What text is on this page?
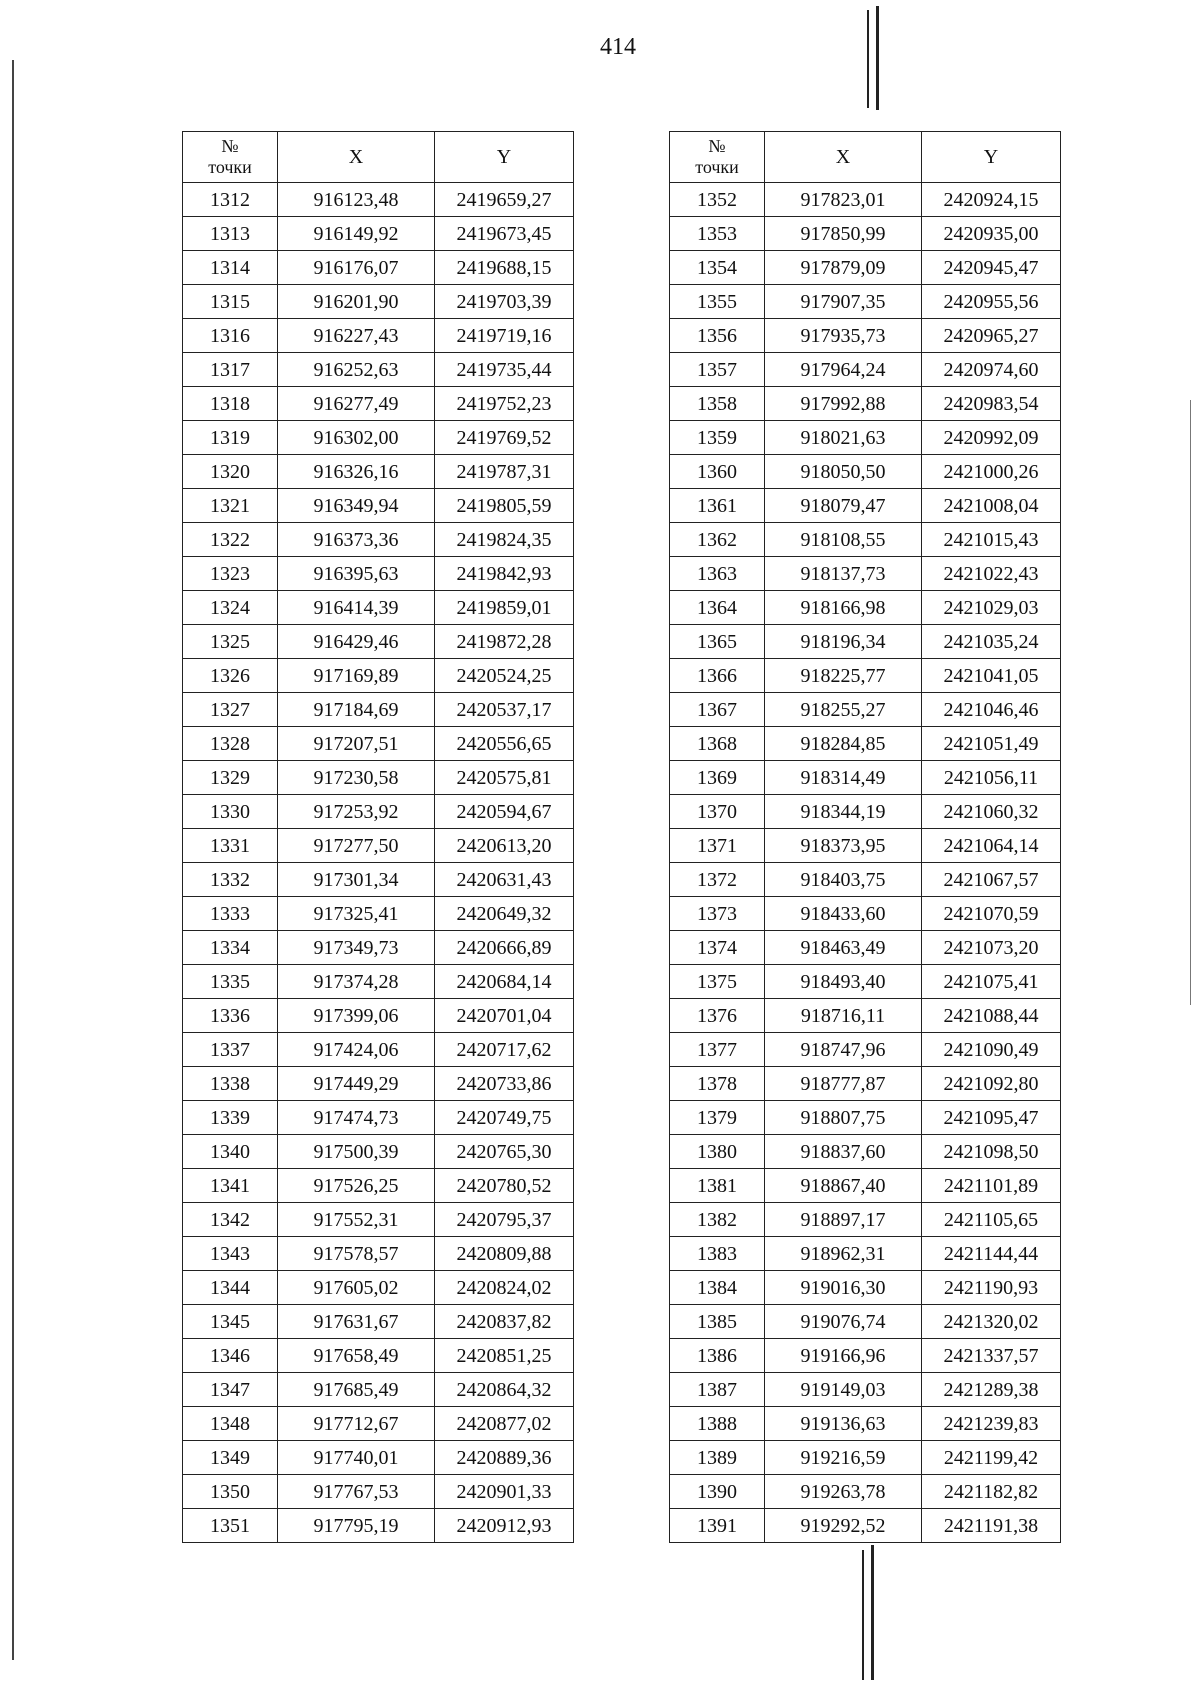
414
№
точки	X	Y
1312	916123,48	2419659,27
1313	916149,92	2419673,45
1314	916176,07	2419688,15
1315	916201,90	2419703,39
1316	916227,43	2419719,16
1317	916252,63	2419735,44
1318	916277,49	2419752,23
1319	916302,00	2419769,52
1320	916326,16	2419787,31
1321	916349,94	2419805,59
1322	916373,36	2419824,35
1323	916395,63	2419842,93
1324	916414,39	2419859,01
1325	916429,46	2419872,28
1326	917169,89	2420524,25
1327	917184,69	2420537,17
1328	917207,51	2420556,65
1329	917230,58	2420575,81
1330	917253,92	2420594,67
1331	917277,50	2420613,20
1332	917301,34	2420631,43
1333	917325,41	2420649,32
1334	917349,73	2420666,89
1335	917374,28	2420684,14
1336	917399,06	2420701,04
1337	917424,06	2420717,62
1338	917449,29	2420733,86
1339	917474,73	2420749,75
1340	917500,39	2420765,30
1341	917526,25	2420780,52
1342	917552,31	2420795,37
1343	917578,57	2420809,88
1344	917605,02	2420824,02
1345	917631,67	2420837,82
1346	917658,49	2420851,25
1347	917685,49	2420864,32
1348	917712,67	2420877,02
1349	917740,01	2420889,36
1350	917767,53	2420901,33
1351	917795,19	2420912,93
№
точки	X	Y
1352	917823,01	2420924,15
1353	917850,99	2420935,00
1354	917879,09	2420945,47
1355	917907,35	2420955,56
1356	917935,73	2420965,27
1357	917964,24	2420974,60
1358	917992,88	2420983,54
1359	918021,63	2420992,09
1360	918050,50	2421000,26
1361	918079,47	2421008,04
1362	918108,55	2421015,43
1363	918137,73	2421022,43
1364	918166,98	2421029,03
1365	918196,34	2421035,24
1366	918225,77	2421041,05
1367	918255,27	2421046,46
1368	918284,85	2421051,49
1369	918314,49	2421056,11
1370	918344,19	2421060,32
1371	918373,95	2421064,14
1372	918403,75	2421067,57
1373	918433,60	2421070,59
1374	918463,49	2421073,20
1375	918493,40	2421075,41
1376	918716,11	2421088,44
1377	918747,96	2421090,49
1378	918777,87	2421092,80
1379	918807,75	2421095,47
1380	918837,60	2421098,50
1381	918867,40	2421101,89
1382	918897,17	2421105,65
1383	918962,31	2421144,44
1384	919016,30	2421190,93
1385	919076,74	2421320,02
1386	919166,96	2421337,57
1387	919149,03	2421289,38
1388	919136,63	2421239,83
1389	919216,59	2421199,42
1390	919263,78	2421182,82
1391	919292,52	2421191,38
